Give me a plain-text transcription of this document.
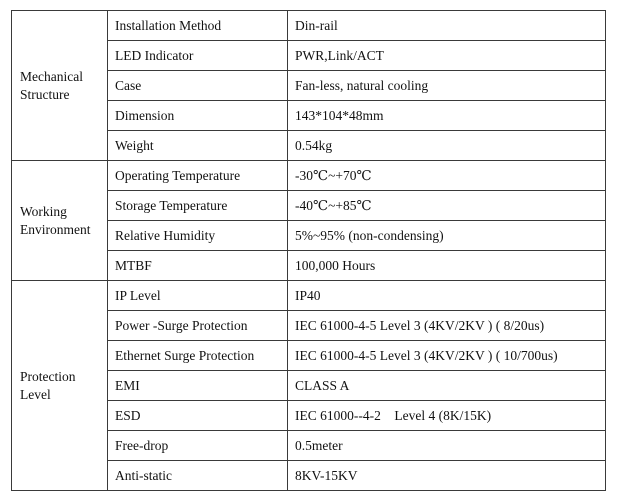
Mechanical
Structure	Installation Method	Din-rail
	LED Indicator	PWR,Link/ACT
	Case	Fan-less, natural cooling
	Dimension	143*104*48mm
	Weight	0.54kg
Working
Environment	Operating Temperature	-30℃~+70℃
	Storage Temperature	-40℃~+85℃
	Relative Humidity	5%~95% (non-condensing)
	MTBF	100,000 Hours
Protection
Level	IP Level	IP40
	Power -Surge Protection	IEC 61000-4-5 Level 3 (4KV/2KV ) ( 8/20us)
	Ethernet Surge Protection	IEC 61000-4-5 Level 3 (4KV/2KV ) ( 10/700us)
	EMI	CLASS A
	ESD	IEC 61000--4-2    Level 4 (8K/15K)
	Free-drop	0.5meter
	Anti-static	8KV-15KV
